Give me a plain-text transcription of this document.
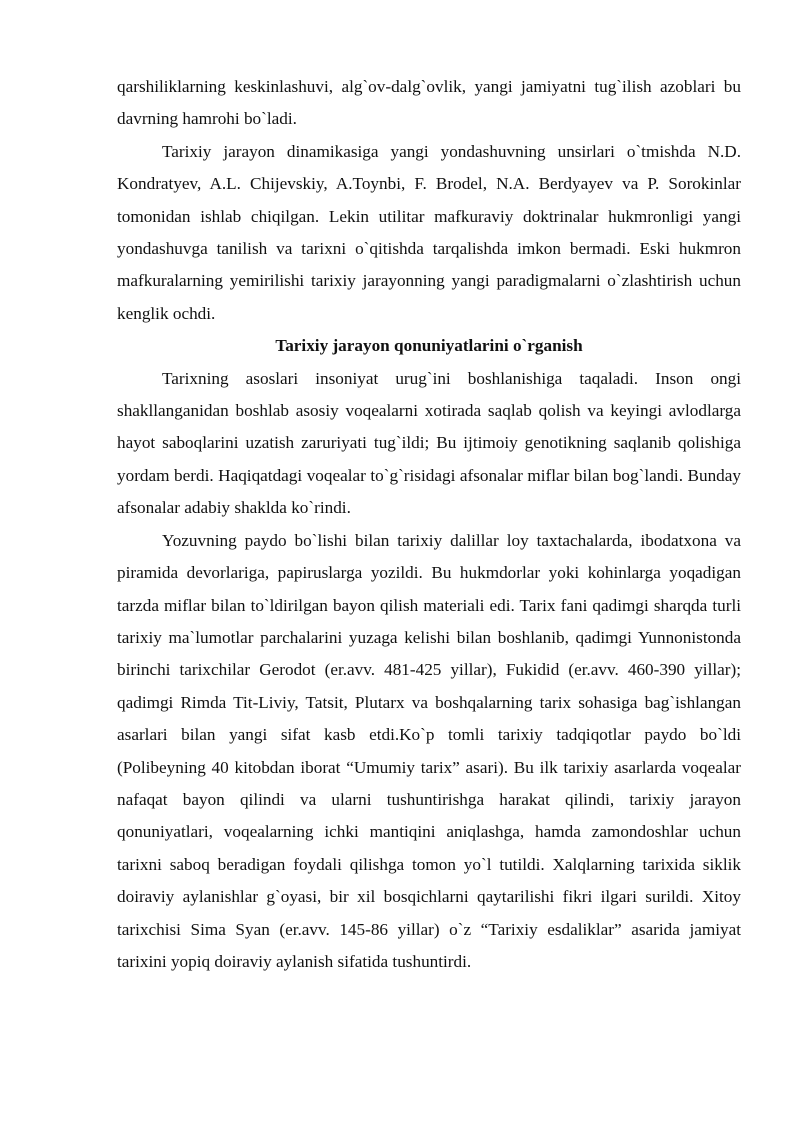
qarshiliklarning keskinlashuvi, alg`ov-dalg`ovlik, yangi jamiyatni tug`ilish azoblari bu davrning hamrohi bo`ladi.

Tarixiy jarayon dinamikasiga yangi yondashuvning unsirlari o`tmishda N.D. Kondratyev, A.L. Chijevskiy, A.Toynbi, F. Brodel, N.A. Berdyayev va P. Sorokinlar tomonidan ishlab chiqilgan. Lekin utilitar mafkuraviy doktrinalar hukmronligi yangi yondashuvga tanilish va tarixni o`qitishda tarqalishda imkon bermadi. Eski hukmron mafkuralarning yemirilishi tarixiy jarayonning yangi paradigmalarni o`zlashtirish uchun kenglik ochdi.

Tarixiy jarayon qonuniyatlarini o`rganish

Tarixning asoslari insoniyat urug`ini boshlanishiga taqaladi. Inson ongi shakllanganidan boshlab asosiy voqealarni xotirada saqlab qolish va keyingi avlodlarga hayot saboqlarini uzatish zaruriyati tug`ildi; Bu ijtimoiy genotikning saqlanib qolishiga yordam berdi. Haqiqatdagi voqealar to`g`risidagi afsonalar miflar bilan bog`landi. Bunday afsonalar adabiy shaklda ko`rindi.

Yozuvning paydo bo`lishi bilan tarixiy dalillar loy taxtachalarda, ibodatxona va piramida devorlariga, papiruslarga yozildi. Bu hukmdorlar yoki kohinlarga yoqadigan tarzda miflar bilan to`ldirilgan bayon qilish materiali edi. Tarix fani qadimgi sharqda turli tarixiy ma`lumotlar parchalarini yuzaga kelishi bilan boshlanib, qadimgi Yunnonistonda birinchi tarixchilar Gerodot (er.avv. 481-425 yillar), Fukidid (er.avv. 460-390 yillar); qadimgi Rimda Tit-Liviy, Tatsit, Plutarx va boshqalarning tarix sohasiga bag`ishlangan asarlari bilan yangi sifat kasb etdi.Ko`p tomli tarixiy tadqiqotlar paydo bo`ldi (Polibeyning 40 kitobdan iborat “Umumiy tarix” asari). Bu ilk tarixiy asarlarda voqealar nafaqat bayon qilindi va ularni tushuntirishga harakat qilindi, tarixiy jarayon qonuniyatlari, voqealarning ichki mantiqini aniqlashga, hamda zamondoshlar uchun tarixni saboq beradigan foydali qilishga tomon yo`l tutildi. Xalqlarning tarixida siklik doiraviy aylanishlar g`oyasi, bir xil bosqichlarni qaytarilishi fikri ilgari surildi. Xitoy tarixchisi Sima Syan (er.avv. 145-86 yillar) o`z “Tarixiy esdaliklar” asarida jamiyat tarixini yopiq doiraviy aylanish sifatida tushuntirdi.
